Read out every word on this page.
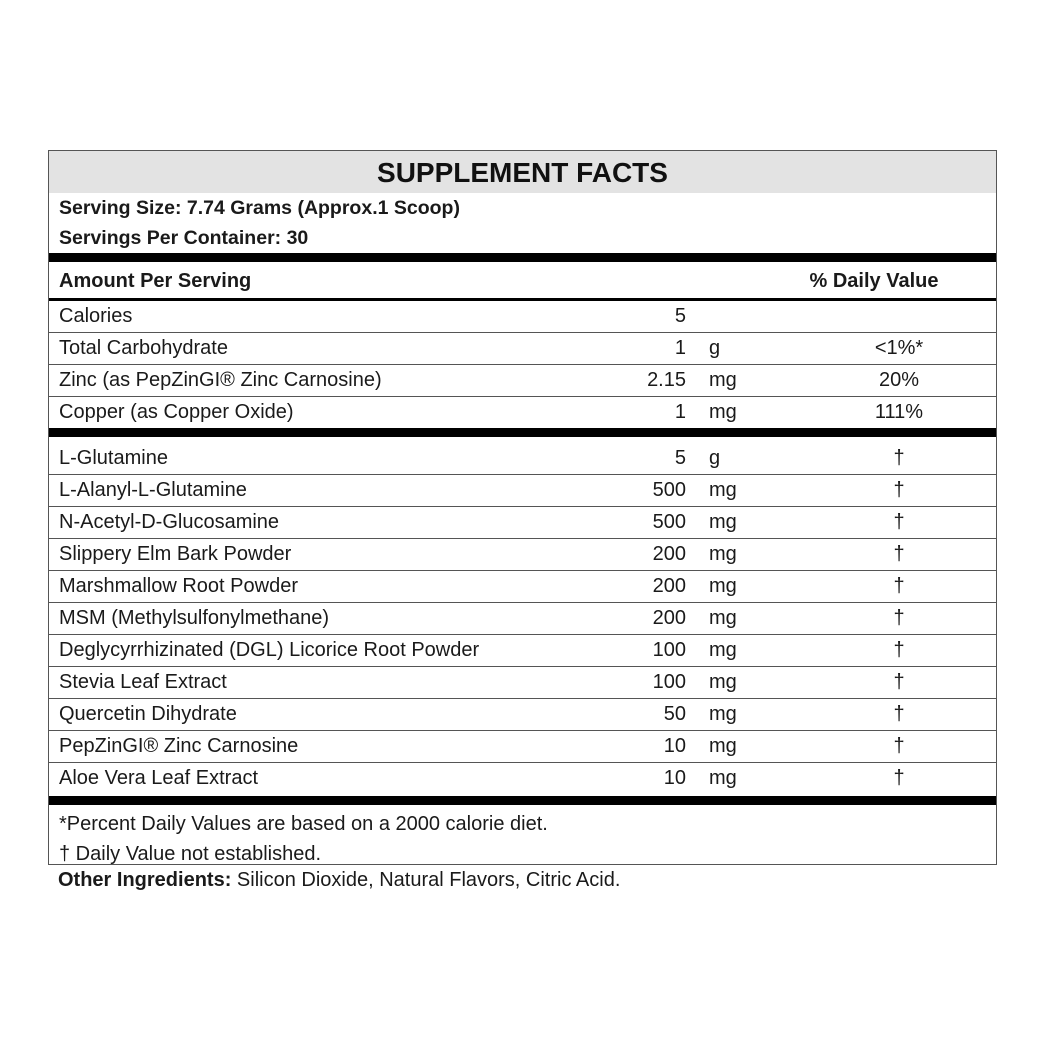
SUPPLEMENT FACTS
Serving Size: 7.74 Grams (Approx.1 Scoop)
Servings Per Container: 30
Amount Per Serving	% Daily Value
Calories	5
Total Carbohydrate	1 g	<1%*
Zinc (as PepZinGI® Zinc Carnosine)	2.15 mg	20%
Copper (as Copper Oxide)	1 mg	111%
L-Glutamine	5 g	†
L-Alanyl-L-Glutamine	500 mg	†
N-Acetyl-D-Glucosamine	500 mg	†
Slippery Elm Bark Powder	200 mg	†
Marshmallow Root Powder	200 mg	†
MSM (Methylsulfonylmethane)	200 mg	†
Deglycyrrhizinated (DGL) Licorice Root Powder	100 mg	†
Stevia Leaf Extract	100 mg	†
Quercetin Dihydrate	50 mg	†
PepZinGI® Zinc Carnosine	10 mg	†
Aloe Vera Leaf Extract	10 mg	†
*Percent Daily Values are based on a 2000 calorie diet.
† Daily Value not established.
Other Ingredients: Silicon Dioxide, Natural Flavors, Citric Acid.
